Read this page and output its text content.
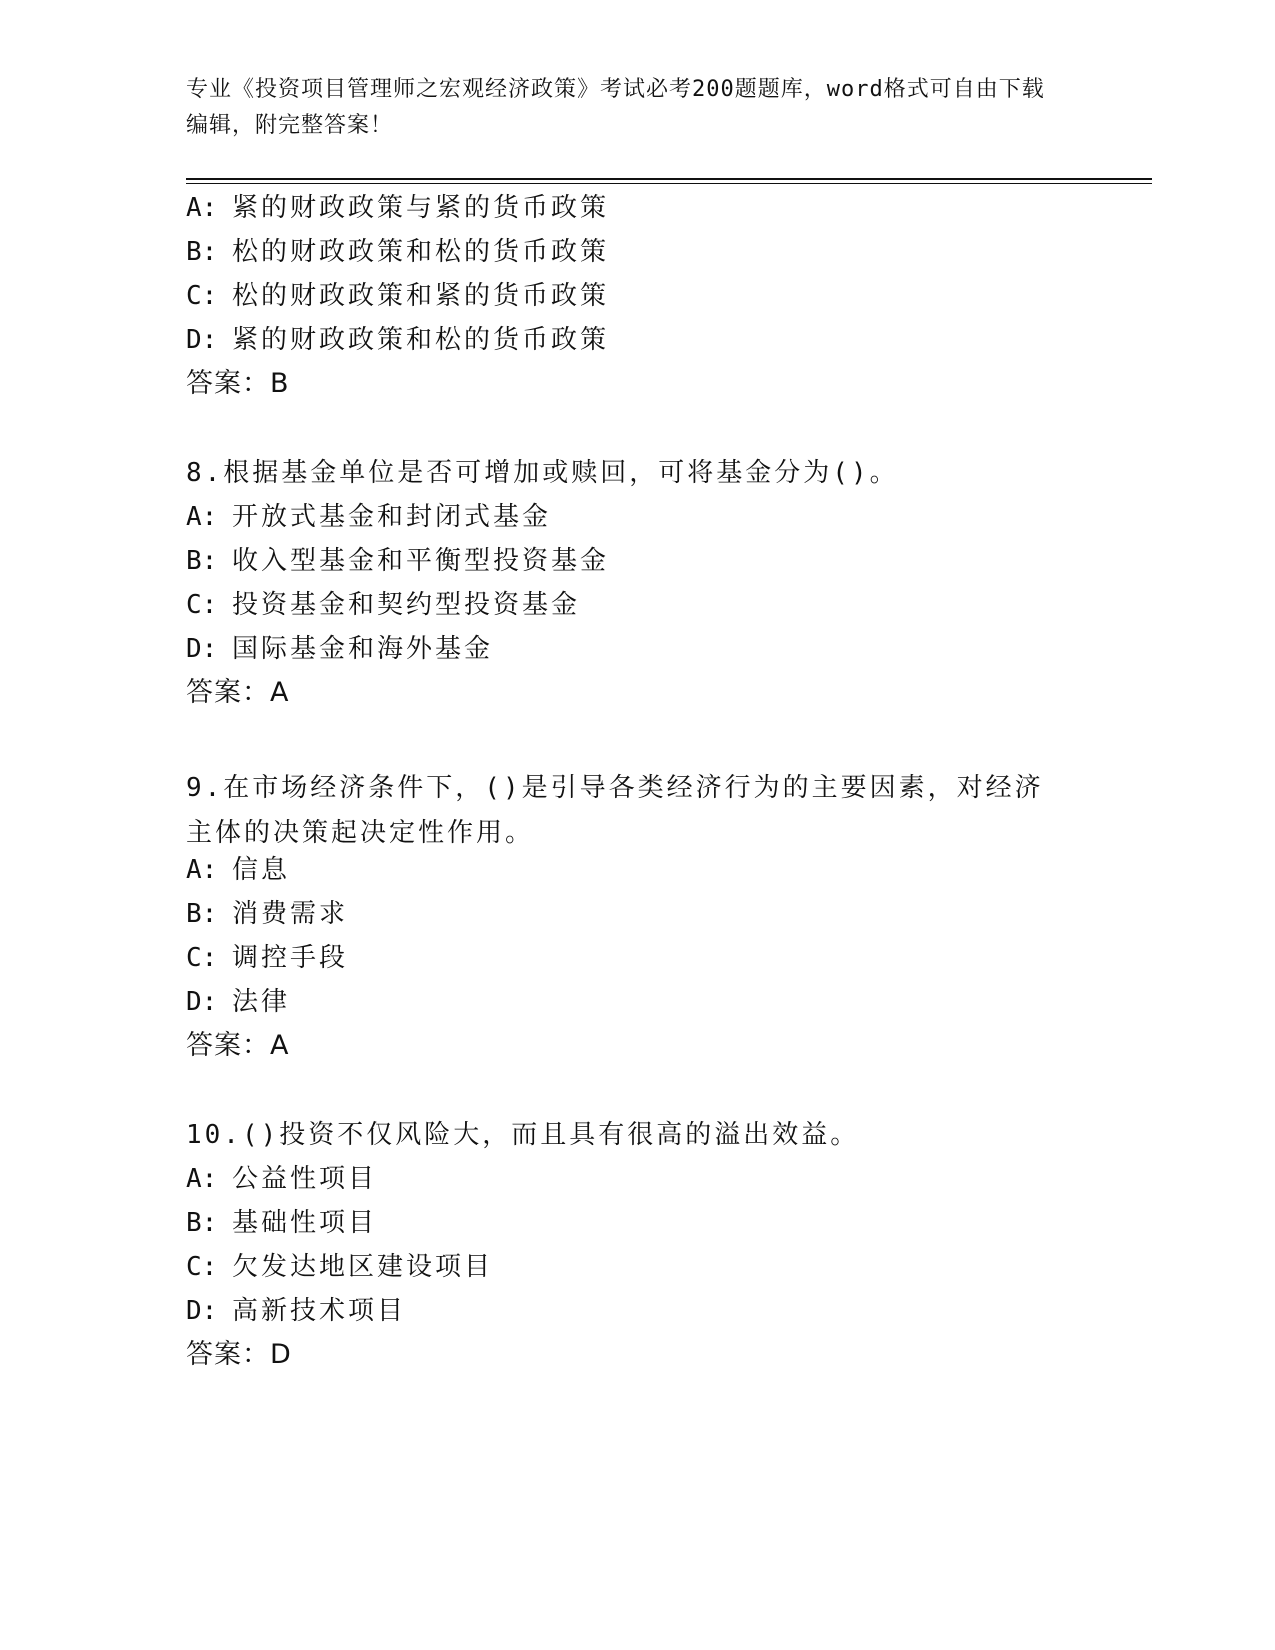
专业《投资项目管理师之宏观经济政策》考试必考200题题库，word格式可自由下载编辑，附完整答案！
A: 紧的财政政策与紧的货币政策
B: 松的财政政策和松的货币政策
C: 松的财政政策和紧的货币政策
D: 紧的财政政策和松的货币政策
答案：B
8.根据基金单位是否可增加或赎回，可将基金分为()。
A: 开放式基金和封闭式基金
B: 收入型基金和平衡型投资基金
C: 投资基金和契约型投资基金
D: 国际基金和海外基金
答案：A
9.在市场经济条件下，()是引导各类经济行为的主要因素，对经济主体的决策起决定性作用。
A: 信息
B: 消费需求
C: 调控手段
D: 法律
答案：A
10.()投资不仅风险大，而且具有很高的溢出效益。
A: 公益性项目
B: 基础性项目
C: 欠发达地区建设项目
D: 高新技术项目
答案：D
